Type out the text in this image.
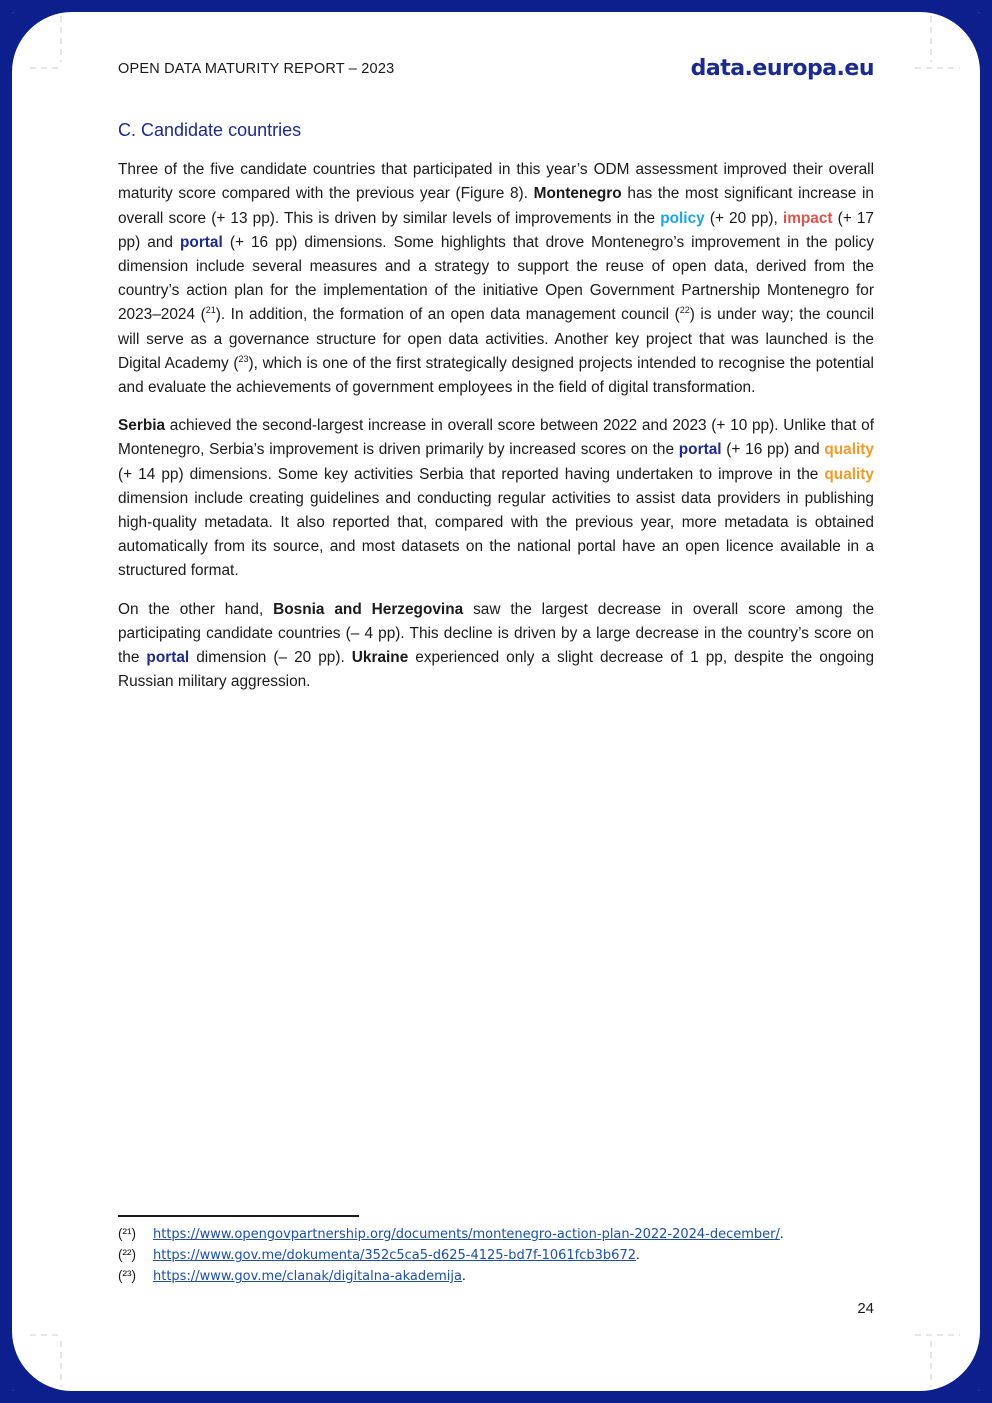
OPEN DATA MATURITY REPORT – 2023	data.europa.eu
C. Candidate countries

Three of the five candidate countries that participated in this year’s ODM assessment improved their overall maturity score compared with the previous year (Figure 8). Montenegro has the most significant increase in overall score (+ 13 pp). This is driven by similar levels of improvements in the policy (+ 20 pp), impact (+ 17 pp) and portal (+ 16 pp) dimensions. Some highlights that drove Montenegro’s improvement in the policy dimension include several measures and a strategy to support the reuse of open data, derived from the country’s action plan for the implementation of the initiative Open Government Partnership Montenegro for 2023–2024 ($^{21}$). In addition, the formation of an open data management council ($^{22}$) is under way; the council will serve as a governance structure for open data activities. Another key project that was launched is the Digital Academy ($^{23}$), which is one of the first strategically designed projects intended to recognise the potential and evaluate the achievements of government employees in the field of digital transformation.

Serbia achieved the second-largest increase in overall score between 2022 and 2023 (+ 10 pp). Unlike that of Montenegro, Serbia’s improvement is driven primarily by increased scores on the portal (+ 16 pp) and quality (+ 14 pp) dimensions. Some key activities Serbia that reported having undertaken to improve in the quality dimension include creating guidelines and conducting regular activities to assist data providers in publishing high-quality metadata. It also reported that, compared with the previous year, more metadata is obtained automatically from its source, and most datasets on the national portal have an open licence available in a structured format.

On the other hand, Bosnia and Herzegovina saw the largest decrease in overall score among the participating candidate countries (– 4 pp). This decline is driven by a large decrease in the country’s score on the portal dimension (– 20 pp). Ukraine experienced only a slight decrease of 1 pp, despite the ongoing Russian military aggression.

(²¹)	https://www.opengovpartnership.org/documents/montenegro-action-plan-2022-2024-december/.
(²²)	https://www.gov.me/dokumenta/352c5ca5-d625-4125-bd7f-1061fcb3b672.
(²³)	https://www.gov.me/clanak/digitalna-akademija.
24
